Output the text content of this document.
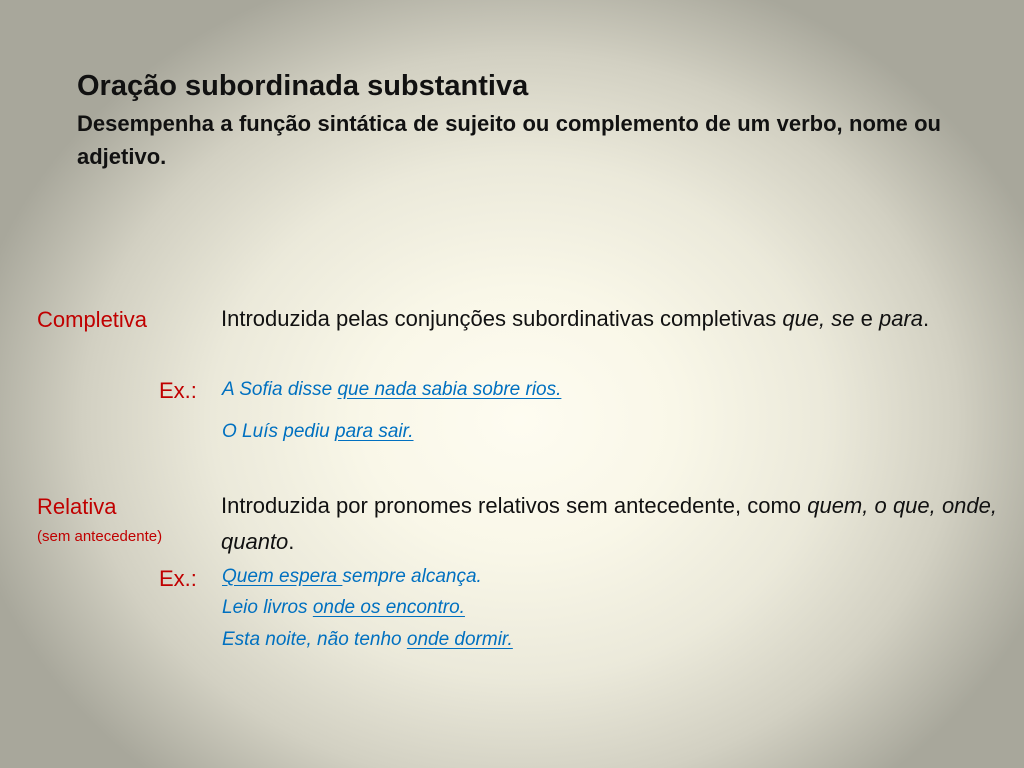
Oração subordinada substantiva
Desempenha a função sintática de sujeito ou complemento de um verbo, nome ou adjetivo.
Completiva	Introduzida pelas conjunções subordinativas completivas que, se e para.
Ex.: A Sofia disse que nada sabia sobre rios.
O Luís pediu para sair.
Relativa
(sem antecedente)
Introduzida por pronomes relativos sem antecedente, como quem, o que, onde, quanto.
Ex.: Quem espera sempre alcança.
Leio livros onde os encontro.
Esta noite, não tenho onde dormir.
